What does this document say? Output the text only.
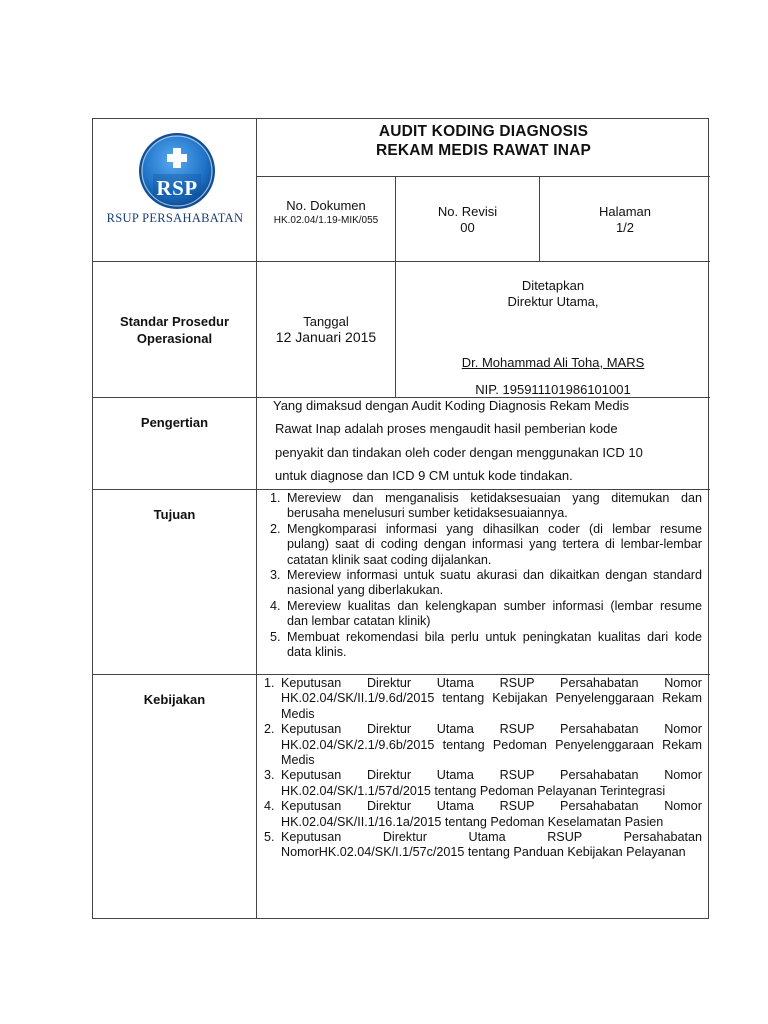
RSP
RSUP PERSAHABATAN
AUDIT KODING DIAGNOSIS
REKAM MEDIS RAWAT INAP
No. Dokumen
HK.02.04/1.19-MIK/055
No. Revisi
00
Halaman
1/2
Standar Prosedur
Operasional
Tanggal
12 Januari 2015
Ditetapkan
Direktur Utama,
Dr. Mohammad Ali Toha, MARS
NIP. 195911101986101001
Pengertian
Yang dimaksud dengan Audit Koding Diagnosis Rekam Medis
Rawat Inap adalah proses mengaudit hasil pemberian kode
penyakit dan tindakan oleh coder dengan menggunakan ICD 10
untuk diagnose dan ICD 9 CM untuk kode tindakan.
Tujuan
1. Mereview dan menganalisis ketidaksesuaian yang ditemukan dan berusaha menelusuri sumber ketidaksesuaiannya.
2. Mengkomparasi informasi yang dihasilkan coder (di lembar resume pulang) saat di coding dengan informasi yang tertera di lembar-lembar catatan klinik saat coding dijalankan.
3. Mereview informasi untuk suatu akurasi dan dikaitkan dengan standard nasional yang diberlakukan.
4. Mereview kualitas dan kelengkapan sumber informasi (lembar resume dan lembar catatan klinik)
5. Membuat rekomendasi bila perlu untuk peningkatan kualitas dari kode data klinis.
Kebijakan
1. Keputusan Direktur Utama RSUP Persahabatan Nomor HK.02.04/SK/II.1/9.6d/2015 tentang Kebijakan Penyelenggaraan Rekam Medis
2. Keputusan Direktur Utama RSUP Persahabatan Nomor HK.02.04/SK/2.1/9.6b/2015 tentang Pedoman Penyelenggaraan Rekam Medis
3. Keputusan Direktur Utama RSUP Persahabatan Nomor HK.02.04/SK/1.1/57d/2015 tentang Pedoman Pelayanan Terintegrasi
4. Keputusan Direktur Utama RSUP Persahabatan Nomor HK.02.04/SK/II.1/16.1a/2015 tentang Pedoman Keselamatan Pasien
5. Keputusan Direktur Utama RSUP Persahabatan NomorHK.02.04/SK/I.1/57c/2015 tentang Panduan Kebijakan Pelayanan
